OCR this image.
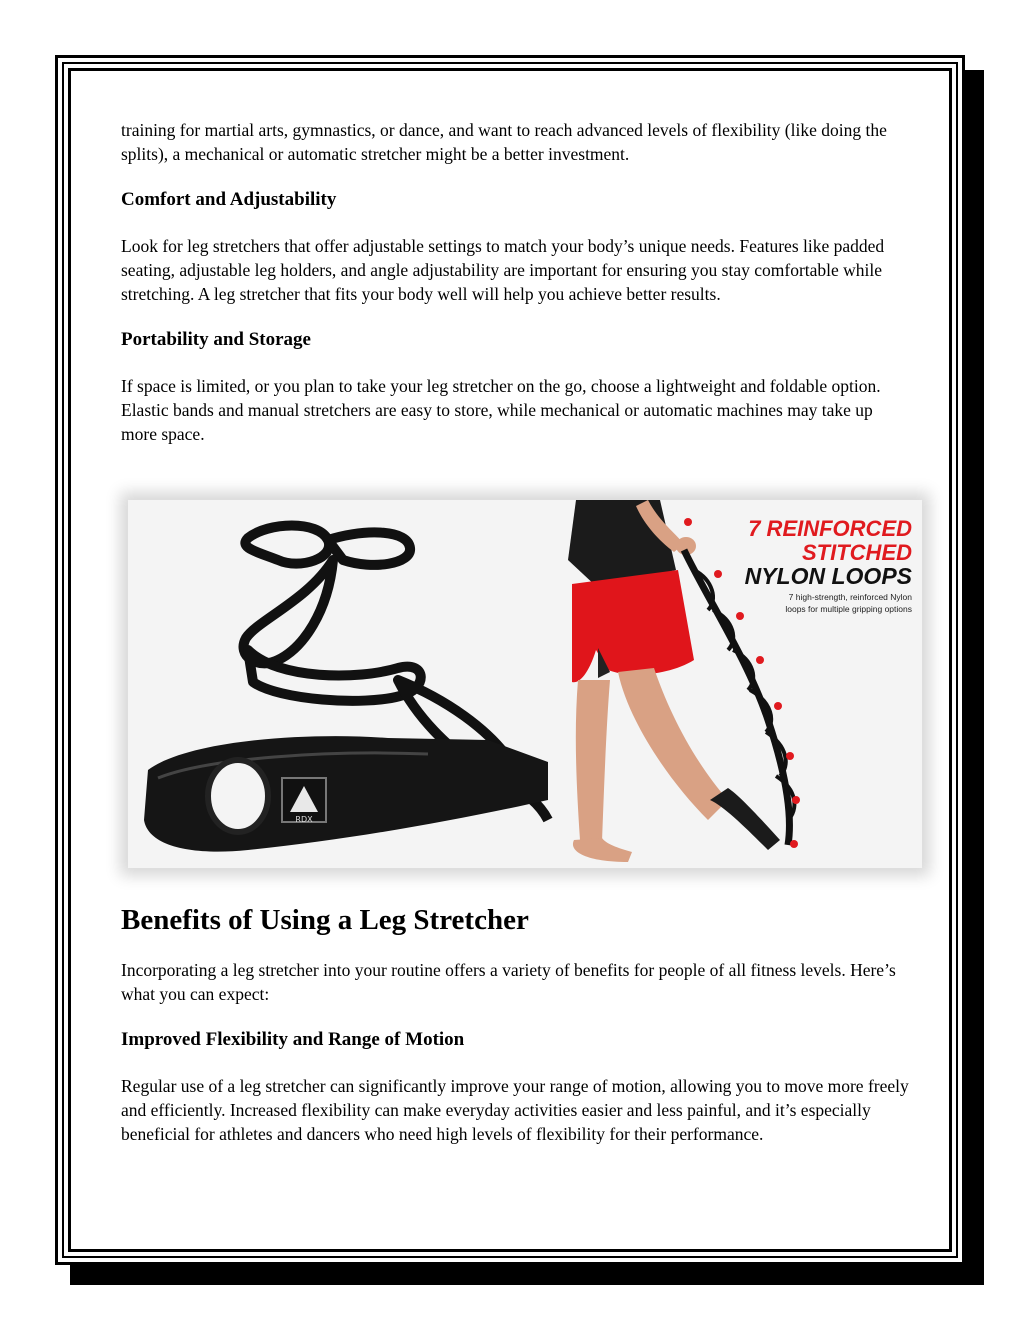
training for martial arts, gymnastics, or dance, and want to reach advanced levels of flexibility (like doing the splits), a mechanical or automatic stretcher might be a better investment.

Comfort and Adjustability

Look for leg stretchers that offer adjustable settings to match your body’s unique needs. Features like padded seating, adjustable leg holders, and angle adjustability are important for ensuring you stay comfortable while stretching. A leg stretcher that fits your body well will help you achieve better results.

Portability and Storage

If space is limited, or you plan to take your leg stretcher on the go, choose a lightweight and foldable option. Elastic bands and manual stretchers are easy to store, while mechanical or automatic machines may take up more space.

RDX
7 REINFORCED
STITCHED
NYLON LOOPS
7 high-strength, reinforced Nylon
loops for multiple gripping options
Benefits of Using a Leg Stretcher

Incorporating a leg stretcher into your routine offers a variety of benefits for people of all fitness levels. Here’s what you can expect:

Improved Flexibility and Range of Motion

Regular use of a leg stretcher can significantly improve your range of motion, allowing you to move more freely and efficiently. Increased flexibility can make everyday activities easier and less painful, and it’s especially beneficial for athletes and dancers who need high levels of flexibility for their performance.
